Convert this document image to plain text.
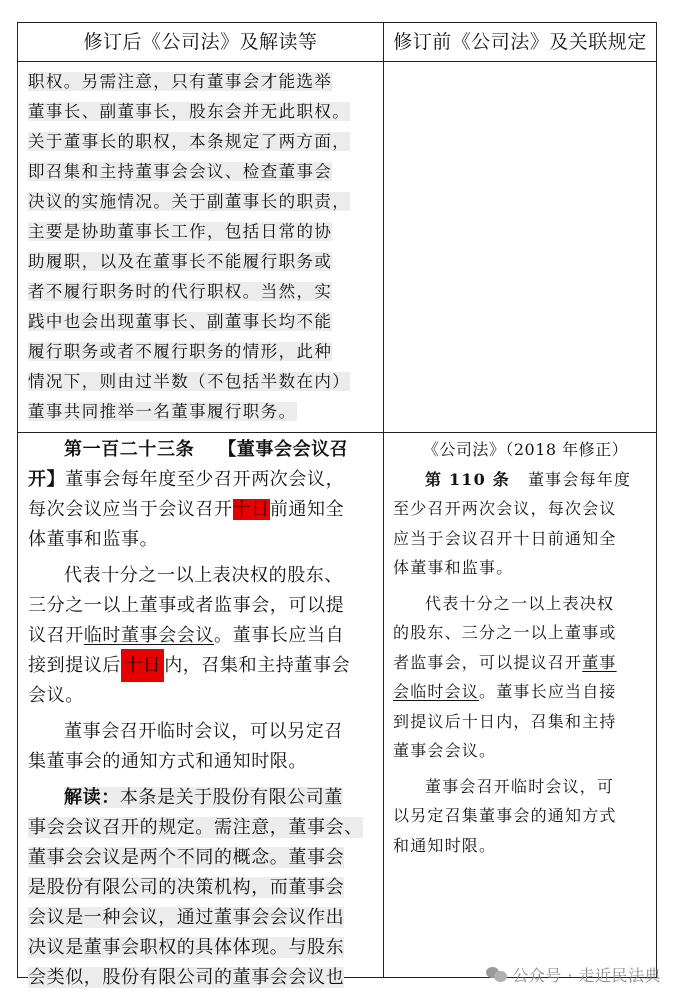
修订后《公司法》及解读等	修订前《公司法》及关联规定
职权。另需注意，只有董事会才能选举
董事长、副董事长，股东会并无此职权。
关于董事长的职权，本条规定了两方面，
即召集和主持董事会会议、检查董事会
决议的实施情况。关于副董事长的职责，
主要是协助董事长工作，包括日常的协
助履职，以及在董事长不能履行职务或
者不履行职务时的代行职权。当然，实
践中也会出现董事长、副董事长均不能
履行职务或者不履行职务的情形，此种
情况下，则由过半数（不包括半数在内）
董事共同推举一名董事履行职务。
第一百二十三条 【董事会会议召
开】董事会每年度至少召开两次会议，
每次会议应当于会议召开十日前通知全
体董事和监事。
代表十分之一以上表决权的股东、
三分之一以上董事或者监事会，可以提
议召开临时董事会会议。董事长应当自
接到提议后 十日 内，召集和主持董事会
会议。
董事会召开临时会议，可以另定召
集董事会的通知方式和通知时限。
解读：本条是关于股份有限公司董
事会会议召开的规定。需注意，董事会、
董事会会议是两个不同的概念。董事会
是股份有限公司的决策机构，而董事会
会议是一种会议，通过董事会会议作出
决议是董事会职权的具体体现。与股东
会类似，股份有限公司的董事会会议也
《公司法》（2018 年修正）
第 110 条 董事会每年度
至少召开两次会议，每次会议
应当于会议召开十日前通知全
体董事和监事。
代表十分之一以上表决权
的股东、三分之一以上董事或
者监事会，可以提议召开董事
会临时会议。董事长应当自接
到提议后十日内，召集和主持
董事会会议。
董事会召开临时会议，可
以另定召集董事会的通知方式
和通知时限。
公众号 · 走近民法典
